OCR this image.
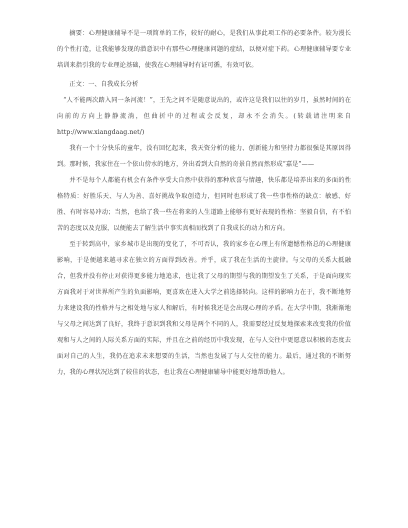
摘要：心理健康辅导不是一项简单的工作，较好的耐心，是我们从事此项工作的必要条件。较为漫长的个性打造，让我能够发现的潜意识中有那些心理健康问题的症结，以便对症下药。心理健康辅导要专业培训来指引我的专业理论基础，使我在心理辅导时有证可循，有效可依。

正文：一、自我成长分析

“人不能两次踏入同一条河流！”，王先之问不是随意说出的，或许这是我们以往的岁月，虽然时间的在向前的方向上静静流淌，但曲折中的过程或会反复，却永不会消失。(转载请注明来自 http://www.xiangdaag.net/)

我有一个十分快乐的童年，没有回忆起来，我天资分析的能力、创新能力和坚持力都很强是其原因得到。那时候，我家住在一个依山傍水的地方，外出看到大自然的奇景自然而然形成“嘉是”——

并不是每个人都能有机会有条件享受大自然中获得的那种欣喜与情趣，快乐都是培养出来的多面的性格特质：好胜乐天、与人为善、喜好挑战争取创造力，但同时也形成了我一些事性格的缺点：敏感、好胜、有时容易冲动；当然，也给了我一些在将来的人生道路上能够有更好表现的性格：坚毅自信，有不怕苦的态度以及克服，以便能去了解生活中事实真相而找到了自我成长的动力和方向。

至于转到高中，家乡城市是出现的变化了，不可否认，我的家乡在心理上有所遗憾性格总的心理健康影响，于是便越来越寻求在独立的方面得到改善。并乎，成了我在生活的主旋律。与父母的关系大抵融合，但我并没有停止对获得更多能力地追求，也让我了父母的期望与我的期望发生了关系，于是面向现实方面我对于对世界所产生的负面影响，更喜欢在进入大学之前选择转向。这样的影响力在于，我不断地努力来建设我的性格并与之相处地与家人和解后，有时候我还是会出现心理的矛盾。在大学中期，我渐渐地与父母之间达到了良好，我终于意识到我和父母是两个不同的人，我需要经过反复地探索来改变我的价值观和与人之间的人际关系方面的实际，并且在之前的经历中我发现，在与人交往中更愿意以积极的态度去面对自己的人生，我仍在追求未来想要的生活，当然也发展了与人交往的能力。最后，通过我的不断努力，我的心理状况达到了较佳的状态，也让我在心理健康辅导中能更好地帮助他人。
